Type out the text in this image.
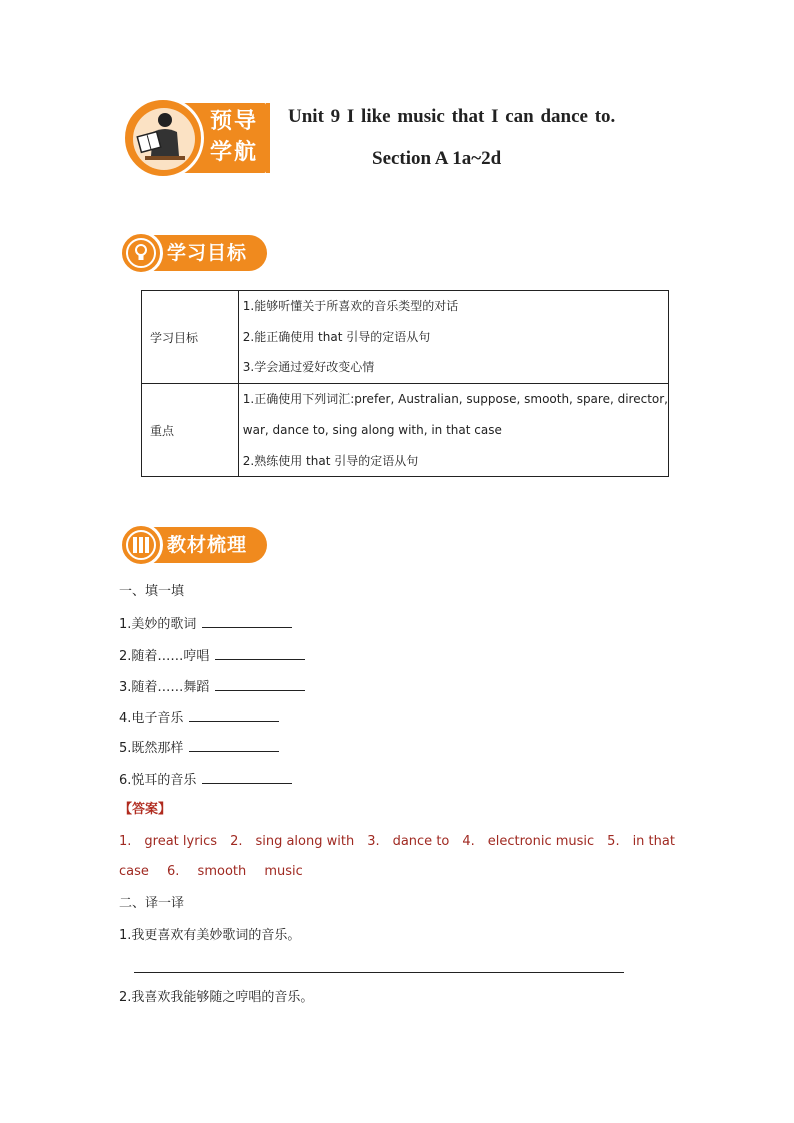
预导
学航
Unit 9 I like music that I can dance to.
Section A 1a~2d
学习目标
学习目标	1.能够听懂关于所喜欢的音乐类型的对话
2.能正确使用 that 引导的定语从句
3.学会通过爱好改变心情

重点	1.正确使用下列词汇:prefer, Australian, suppose, smooth, spare, director,
war, dance to, sing along with, in that case
2.熟练使用 that 引导的定语从句
教材梳理
一、填一填
1.美妙的歌词
2.随着……哼唱
3.随着……舞蹈
4.电子音乐
5.既然那样
6.悦耳的音乐
【答案】
1. great lyrics 2. sing along with 3. dance to 4. electronic music 5. in that
case 6. smooth music
二、译一译
1.我更喜欢有美妙歌词的音乐。
2.我喜欢我能够随之哼唱的音乐。
